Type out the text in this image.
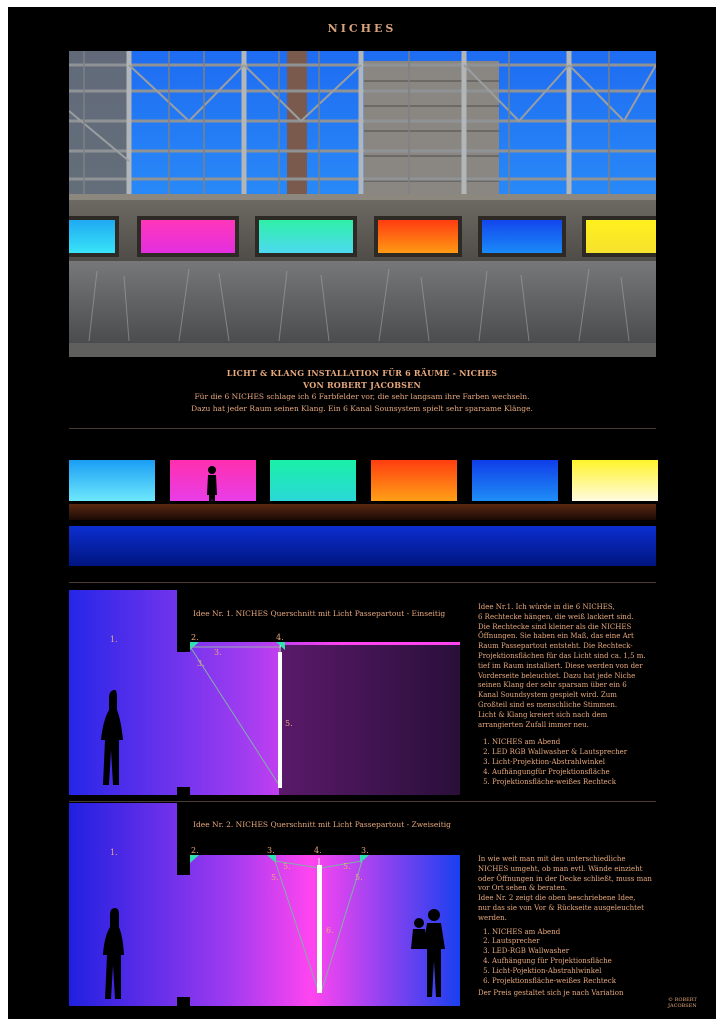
NICHES
LICHT & KLANG INSTALLATION FÜR 6 RÄUME - NICHES
VON ROBERT JACOBSEN
Für die 6 NICHES schlage ich 6 Farbfelder vor, die sehr langsam ihre Farben wechseln.
Dazu hat jeder Raum seinen Klang. Ein 6 Kanal Sounsystem spielt sehr sparsame Klänge.
1.	2.
3.
3.
4.
5.
Idee Nr. 1. NICHES Querschnitt mit Licht Passepartout - Einseitig

Idee Nr.1. Ich würde in die 6 NICHES,

6 Rechtecke hängen, die weiß lackiert sind.

Die Rechtecke sind kleiner als die NICHES

Öffnungen. Sie haben ein Maß, das eine Art

Raum Passepartout entsteht. Die Rechteck-

Projektionsflächen für das Licht sind ca. 1,5 m.

tief im Raum installiert. Diese werden von der

Vorderseite beleuchtet. Dazu hat jede Niche

seinen Klang der sehr sparsam über ein 6

Kanal Soundsystem gespielt wird. Zum

Großteil sind es menschliche Stimmen.

Licht & Klang kreiert sich nach dem

arrangierten Zufall immer neu.

1. NICHES am Abend
2. LED RGB Wallwasher & Lautsprecher
3. Licht-Projektion-Abstrahlwinkel
4. Aufhängungfür Projektionsfläche
5. Projektionsfläche-weißes Rechteck
1.	2.	3.	3.
4.
5.	5.
5.	5.
6.
Idee Nr. 2. NICHES Querschnitt mit Licht Passepartout - Zweiseitig

In wie weit man mit den unterschiedliche

NICHES umgeht, ob man evtl. Wände einzieht

oder Öffnungen in der Decke schließt, muss man

vor Ort sehen & beraten.

Idee Nr. 2 zeigt die oben beschriebene Idee,

nur das sie von Vor & Rückseite ausgeleuchtet

werden.

1. NICHES am Abend
2. Lautsprecher
3. LED-RGB Wallwasher
4. Aufhängung für Projektionsfläche
5. Licht-Pojektion-Abstrahlwinkel
6. Projektionsfläche-weißes Rechteck

Der Preis gestaltet sich je nach Variation

© ROBERT
JACOBSEN
